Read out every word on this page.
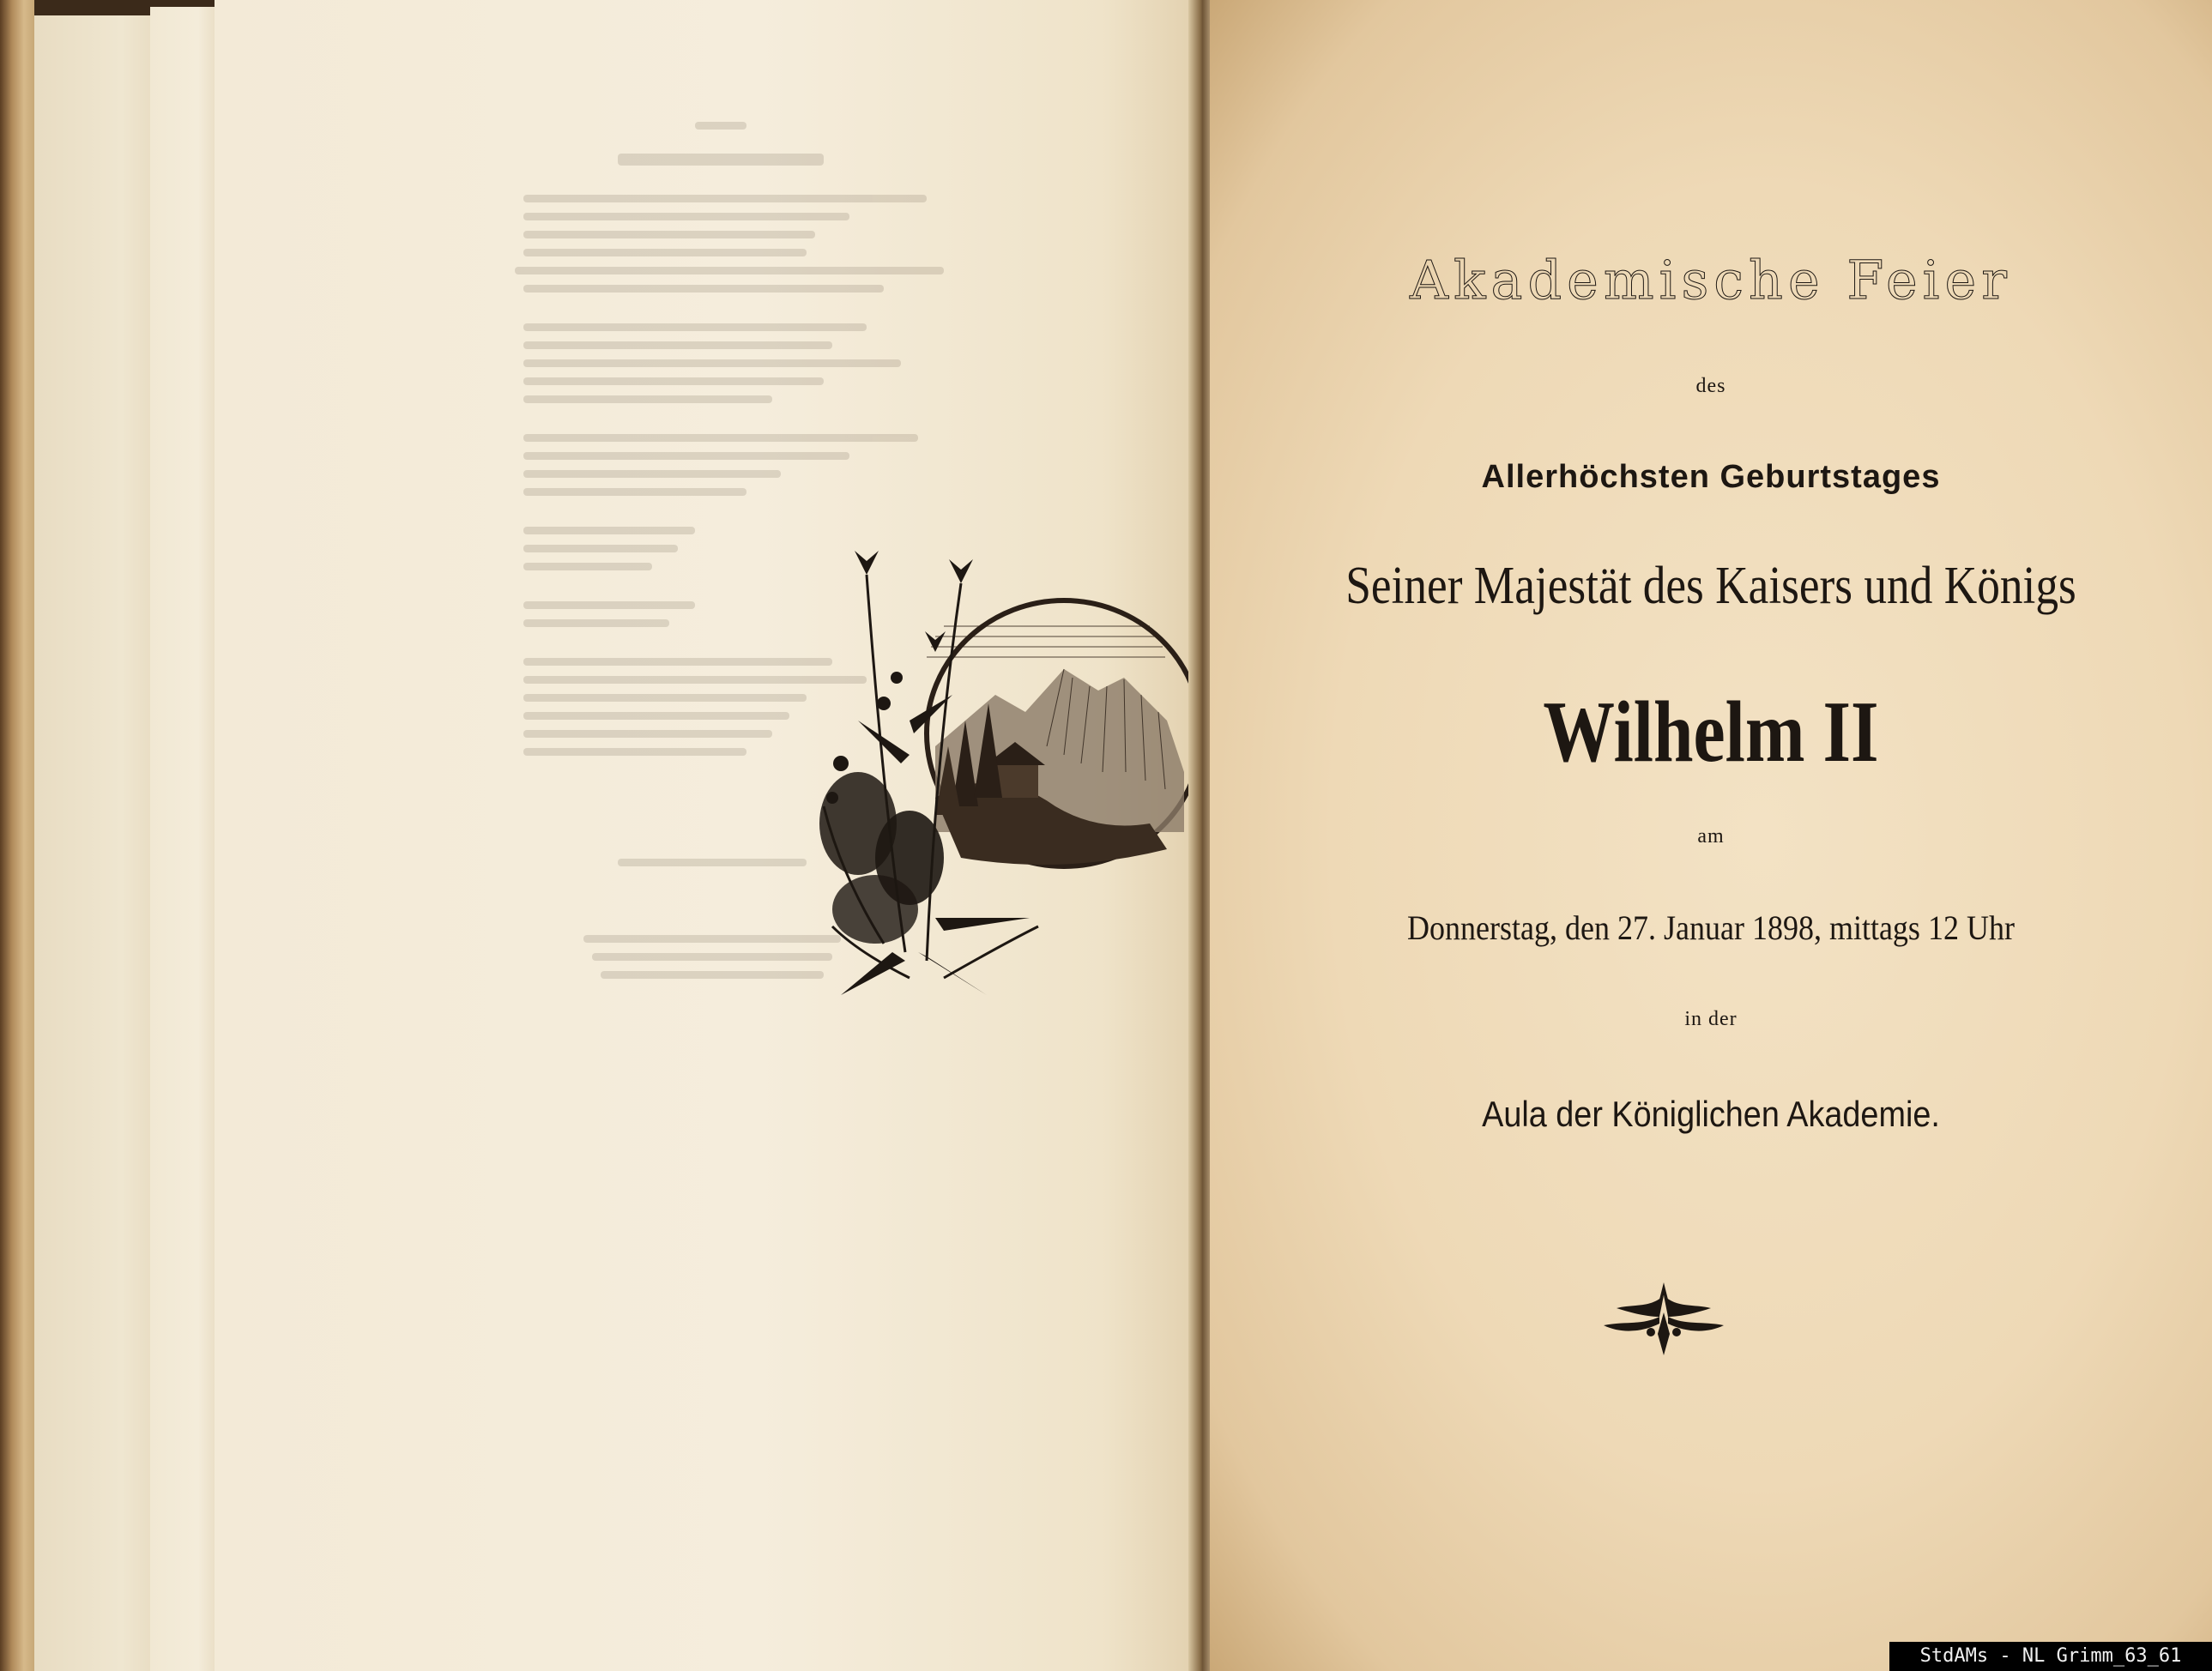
Akademische Feier
des
Allerhöchsten Geburtstages
Seiner Majestät des Kaisers und Königs
Wilhelm II
am
Donnerstag, den 27. Januar 1898, mittags 12 Uhr
in der
Aula der Königlichen Akademie.
StdAMs - NL Grimm_63_61
